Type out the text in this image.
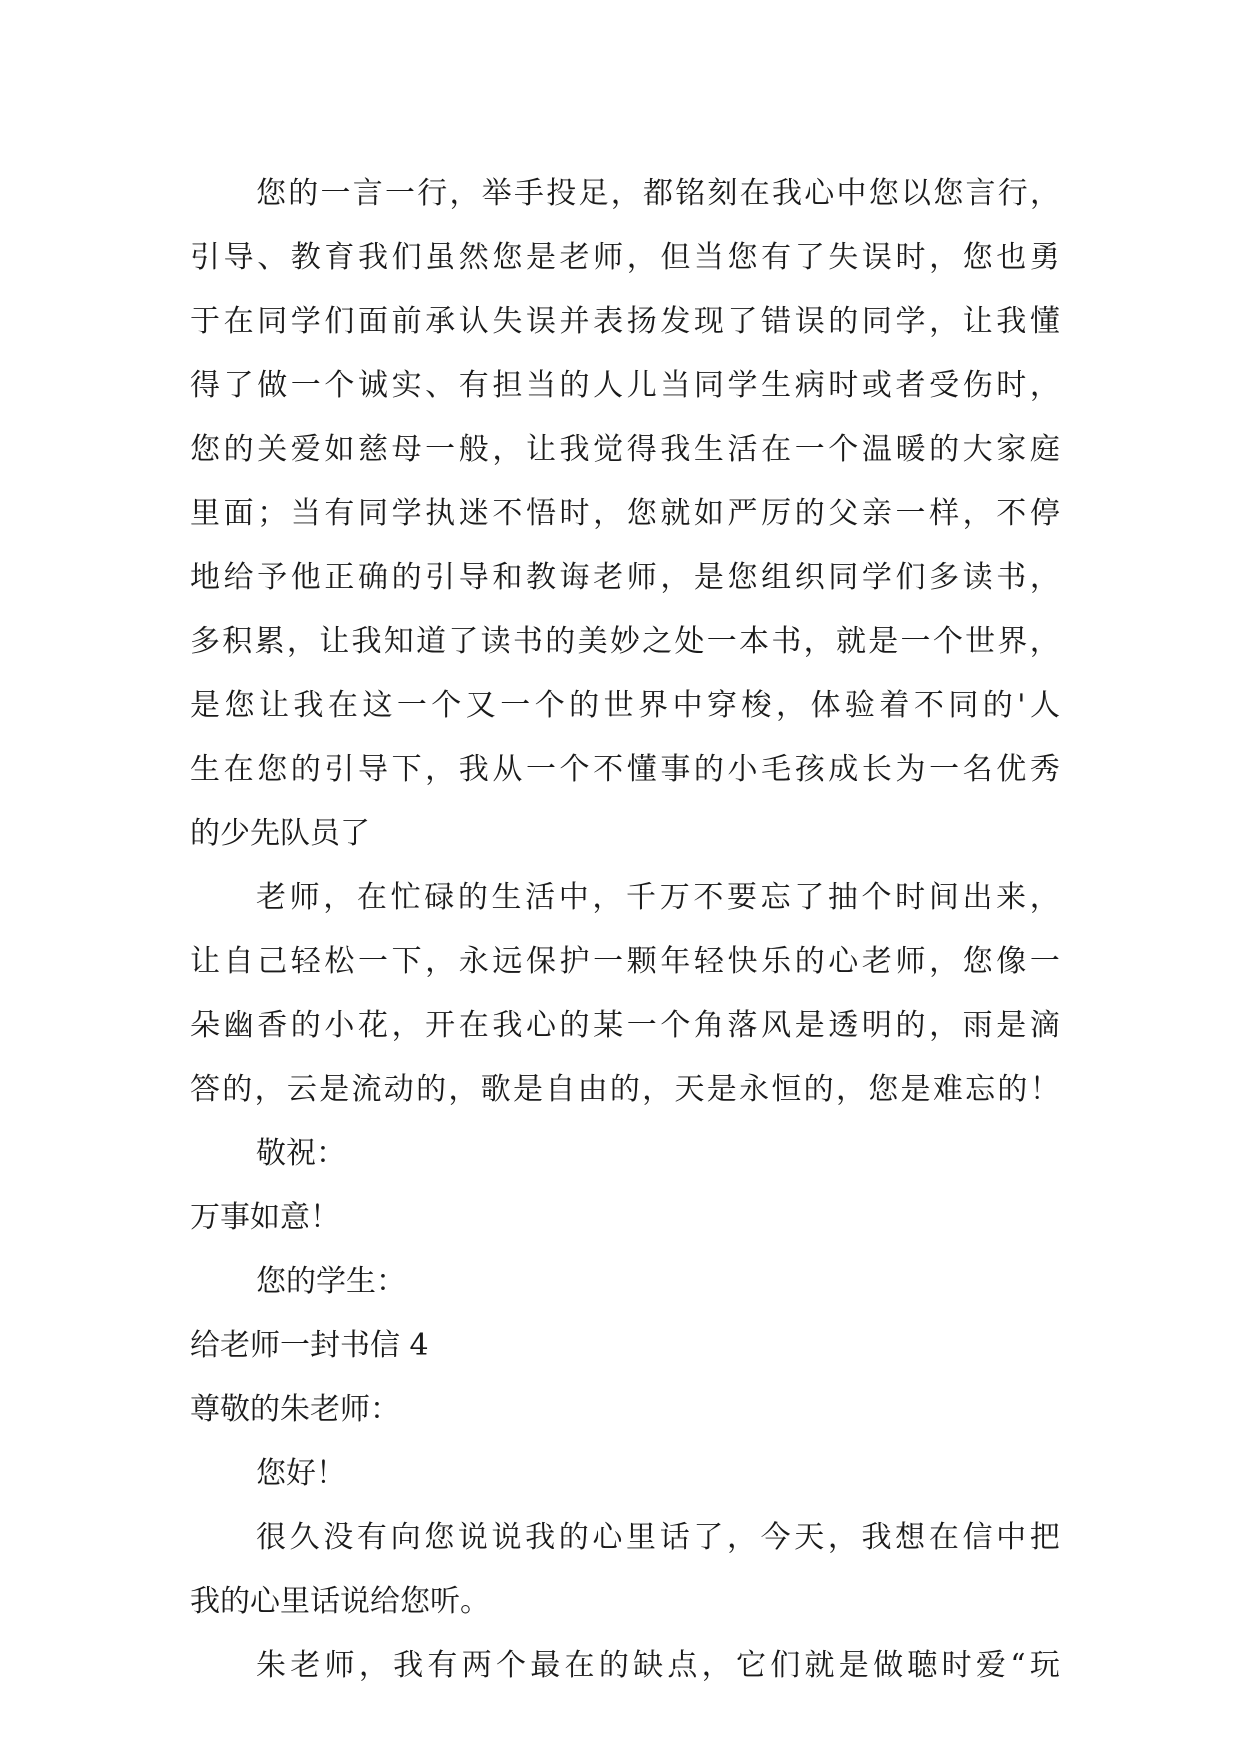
您 的 一 言 一 行 ， 举 手 投 足 ， 都 铭 刻 在 我 心 中 您 以 您 言 行 ，
引 导 、 教 育 我 们 虽 然 您 是 老 师 ， 但 当 您 有 了 失 误 时 ， 您 也 勇
于 在 同 学 们 面 前 承 认 失 误 并 表 扬 发 现 了 错 误 的 同 学 ， 让 我 懂
得 了 做 一 个 诚 实 、 有 担 当 的 人 儿 当 同 学 生 病 时 或 者 受 伤 时 ，
您 的 关 爱 如 慈 母 一 般 ， 让 我 觉 得 我 生 活 在 一 个 温 暖 的 大 家 庭
里 面 ； 当 有 同 学 执 迷 不 悟 时 ， 您 就 如 严 厉 的 父 亲 一 样 ， 不 停
地 给 予 他 正 确 的 引 导 和 教 诲 老 师 ， 是 您 组 织 同 学 们 多 读 书 ，
多 积 累 ， 让 我 知 道 了 读 书 的 美 妙 之 处 一 本 书 ， 就 是 一 个 世 界 ，
是 您 让 我 在 这 一 个 又 一 个 的 世 界 中 穿 梭 ， 体 验 着 不 同 的 ' 人
生 在 您 的 引 导 下 ， 我 从 一 个 不 懂 事 的 小 毛 孩 成 长 为 一 名 优 秀
的少先队员了
老 师 ， 在 忙 碌 的 生 活 中 ， 千 万 不 要 忘 了 抽 个 时 间 出 来 ，
让 自 己 轻 松 一 下 ， 永 远 保 护 一 颗 年 轻 快 乐 的 心 老 师 ， 您 像 一
朵 幽 香 的 小 花 ， 开 在 我 心 的 某 一 个 角 落 风 是 透 明 的 ， 雨 是 滴
答 的 ， 云 是 流 动 的 ， 歌 是 自 由 的 ， 天 是 永 恒 的 ， 您 是 难 忘 的 ！
敬祝：
万事如意！
您的学生：
给老师一封书信 4
尊敬的朱老师：
您好！
很 久 没 有 向 您 说 说 我 的 心 里 话 了 ， 今 天 ， 我 想 在 信 中 把
我的心里话说给您听。
朱 老 师 ， 我 有 两 个 最 在 的 缺 点 ， 它 们 就 是 做 聴 时 爱 “ 玩
